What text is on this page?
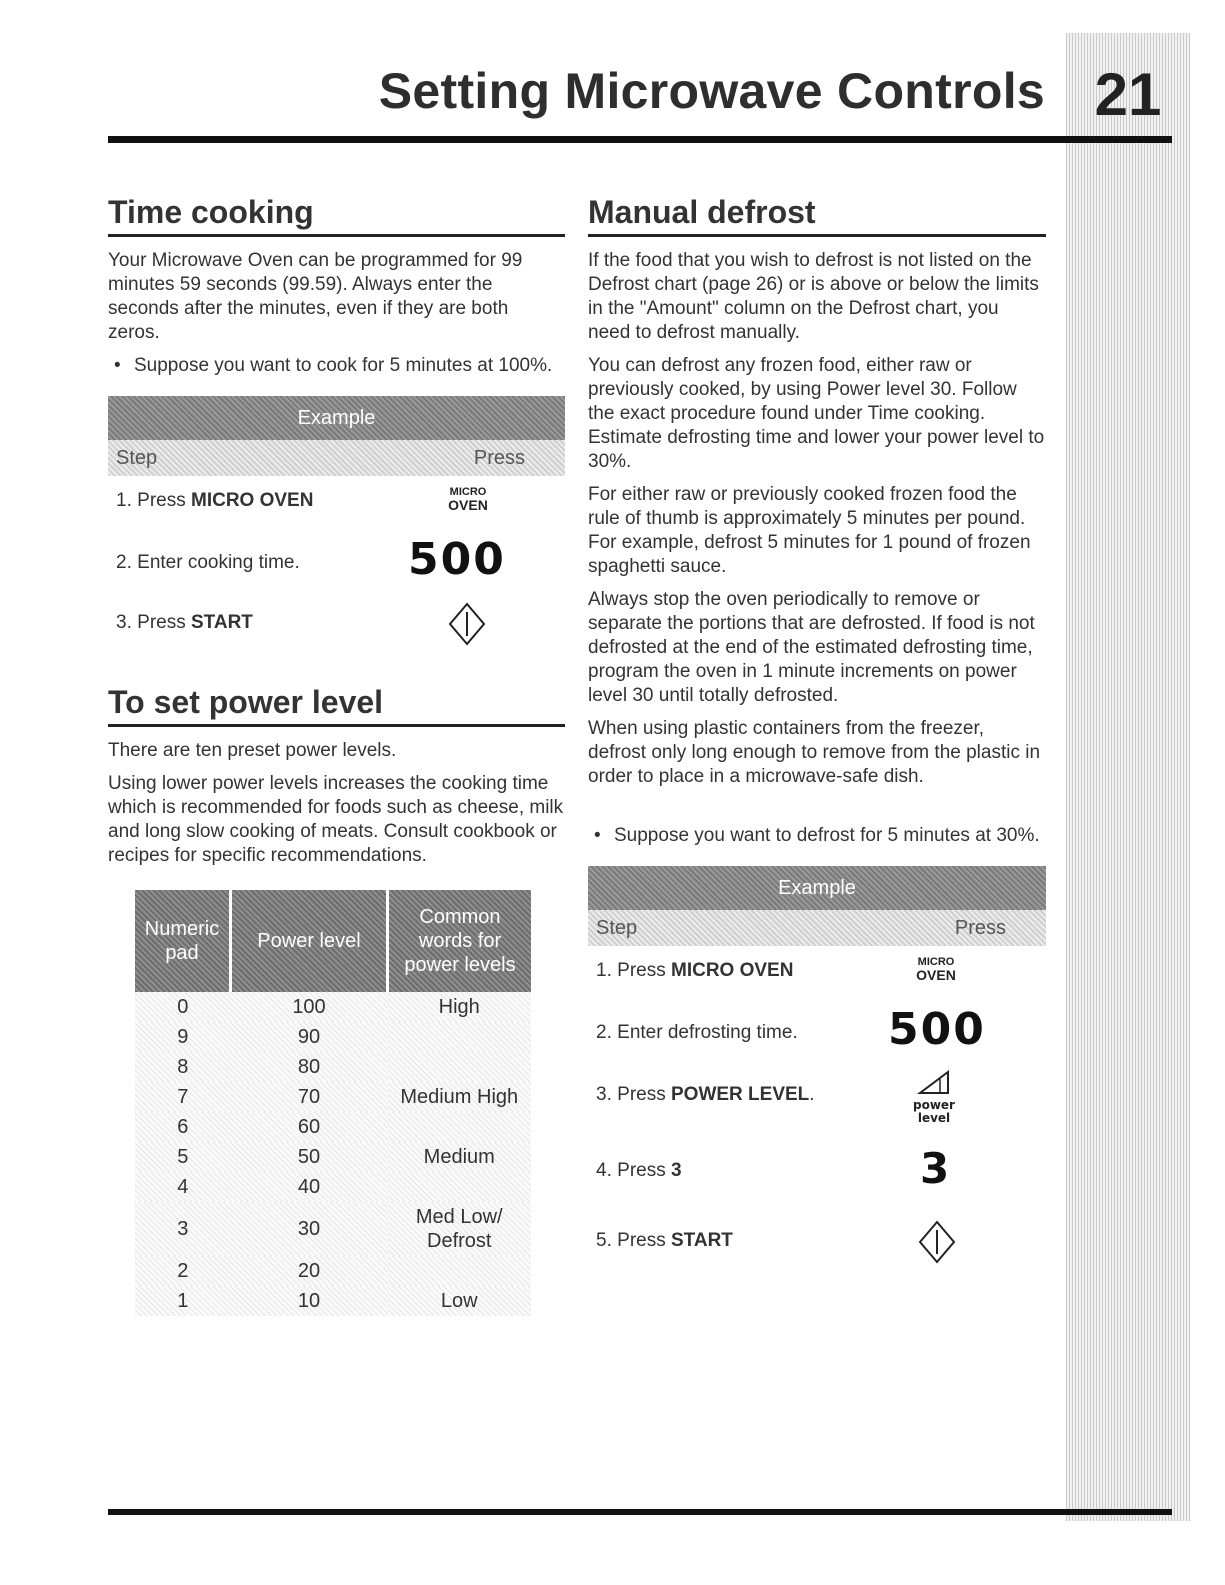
21
Setting Microwave Controls
Time cooking

Your Microwave Oven can be programmed for 99 minutes 59 seconds (99.59). Always enter the seconds after the minutes, even if they are both zeros.

• Suppose you want to cook for 5 minutes at 100%.

Example
Step	Press
1. Press MICRO OVEN	MICRO
OVEN
2. Enter cooking time. 500
3. Press START
To set power level

There are ten preset power levels.

Using lower power levels increases the cooking time which is recommended for foods such as cheese, milk and long slow cooking of meats. Consult cookbook or recipes for specific recommendations.

Numeric pad	Power level	Common words for power levels
0	100	High
9	90	
8	80	
7	70	Medium High
6	60	
5	50	Medium
4	40	
3	30	Med Low/
Defrost
2	20	
1	10	Low
Manual defrost

If the food that you wish to defrost is not listed on the Defrost chart (page 26) or is above or below the limits in the "Amount" column on the Defrost chart, you need to defrost manually.

You can defrost any frozen food, either raw or previously cooked, by using Power level 30. Follow the exact procedure found under Time cooking. Estimate defrosting time and lower your power level to 30%.

For either raw or previously cooked frozen food the rule of thumb is approximately 5 minutes per pound. For example, defrost 5 minutes for 1 pound of frozen spaghetti sauce.

Always stop the oven periodically to remove or separate the portions that are defrosted. If food is not defrosted at the end of the estimated defrosting time, program the oven in 1 minute increments on power level 30 until totally defrosted.

When using plastic containers from the freezer, defrost only long enough to remove from the plastic in order to place in a microwave-safe dish.

• Suppose you want to defrost for 5 minutes at 30%.

Example
Step	Press
1. Press MICRO OVEN	MICRO
OVEN
2. Enter defrosting time. 500
3. Press POWER LEVEL.	power
level
4. Press 3	3
5. Press START
